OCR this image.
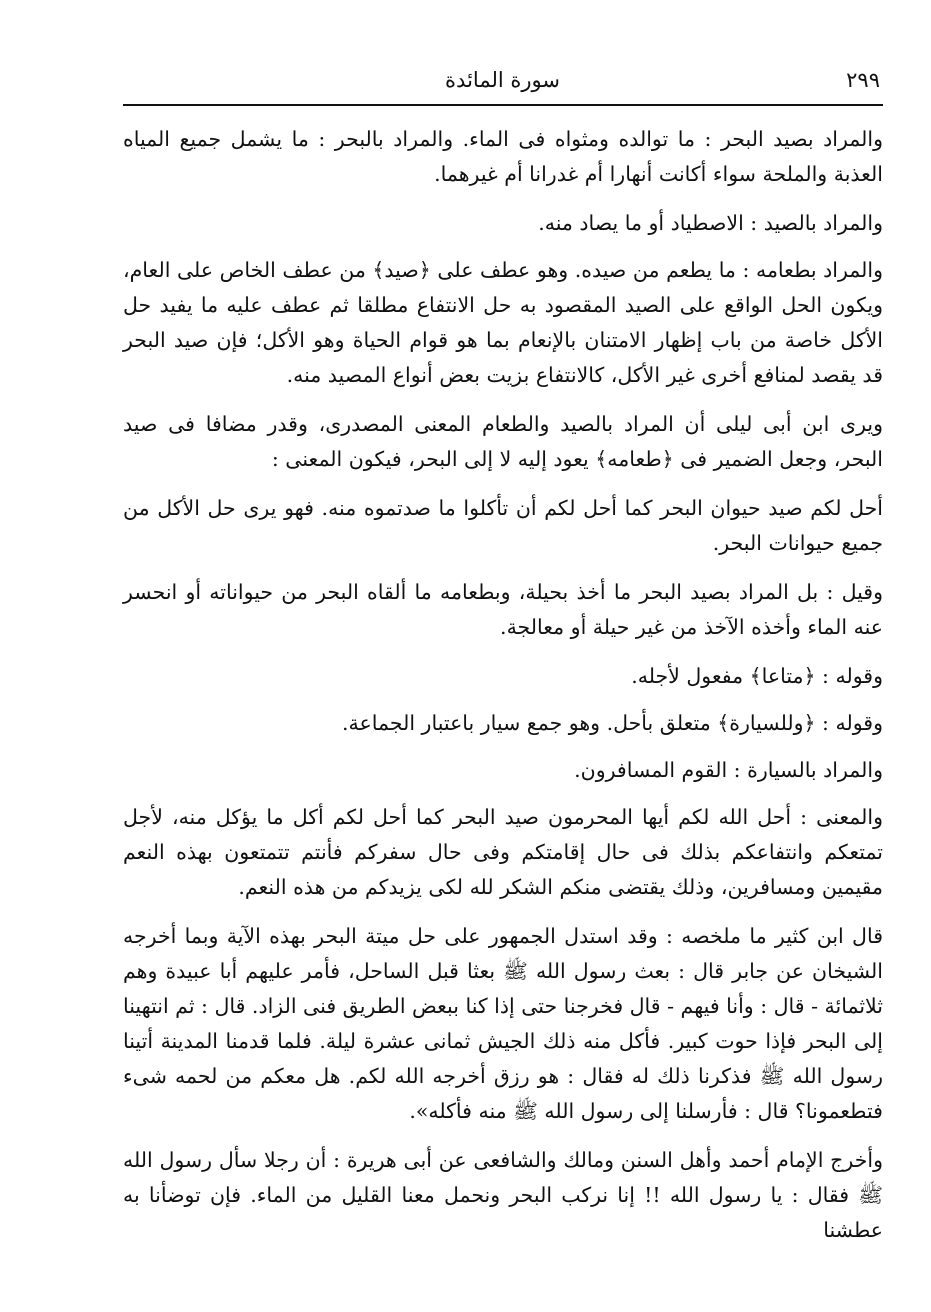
٢٩٩
سورة المائدة

والمراد بصيد البحر : ما توالده ومثواه فى الماء. والمراد بالبحر : ما يشمل جميع المياه العذبة والملحة سواء أكانت أنهارا أم غدرانا أم غيرهما.

والمراد بالصيد : الاصطياد أو ما يصاد منه.

والمراد بطعامه : ما يطعم من صيده. وهو عطف على ﴿صيد﴾ من عطف الخاص على العام، ويكون الحل الواقع على الصيد المقصود به حل الانتفاع مطلقا ثم عطف عليه ما يفيد حل الأكل خاصة من باب إظهار الامتنان بالإنعام بما هو قوام الحياة وهو الأكل؛ فإن صيد البحر قد يقصد لمنافع أخرى غير الأكل، كالانتفاع بزيت بعض أنواع المصيد منه.

ويرى ابن أبى ليلى أن المراد بالصيد والطعام المعنى المصدرى، وقدر مضافا فى صيد البحر، وجعل الضمير فى ﴿طعامه﴾ يعود إليه لا إلى البحر، فيكون المعنى :

أحل لكم صيد حيوان البحر كما أحل لكم أن تأكلوا ما صدتموه منه. فهو يرى حل الأكل من جميع حيوانات البحر.

وقيل : بل المراد بصيد البحر ما أخذ بحيلة، وبطعامه ما ألقاه البحر من حيواناته أو انحسر عنه الماء وأخذه الآخذ من غير حيلة أو معالجة.

وقوله : ﴿متاعا﴾ مفعول لأجله.

وقوله : ﴿وللسيارة﴾ متعلق بأحل. وهو جمع سيار باعتبار الجماعة.

والمراد بالسيارة : القوم المسافرون.

والمعنى : أحل الله لكم أيها المحرمون صيد البحر كما أحل لكم أكل ما يؤكل منه، لأجل تمتعكم وانتفاعكم بذلك فى حال إقامتكم وفى حال سفركم فأنتم تتمتعون بهذه النعم مقيمين ومسافرين، وذلك يقتضى منكم الشكر لله لكى يزيدكم من هذه النعم.

قال ابن كثير ما ملخصه : وقد استدل الجمهور على حل ميتة البحر بهذه الآية وبما أخرجه الشيخان عن جابر قال : بعث رسول الله ﷺ بعثا قبل الساحل، فأمر عليهم أبا عبيدة وهم ثلاثمائة - قال : وأنا فيهم - قال فخرجنا حتى إذا كنا ببعض الطريق فنى الزاد. قال : ثم انتهينا إلى البحر فإذا حوت كبير. فأكل منه ذلك الجيش ثمانى عشرة ليلة. فلما قدمنا المدينة أتينا رسول الله ﷺ فذكرنا ذلك له فقال : هو رزق أخرجه الله لكم. هل معكم من لحمه شىء فتطعمونا؟ قال : فأرسلنا إلى رسول الله ﷺ منه فأكله».

وأخرج الإمام أحمد وأهل السنن ومالك والشافعى عن أبى هريرة : أن رجلا سأل رسول الله ﷺ فقال : يا رسول الله !! إنا نركب البحر ونحمل معنا القليل من الماء. فإن توضأنا به عطشنا
